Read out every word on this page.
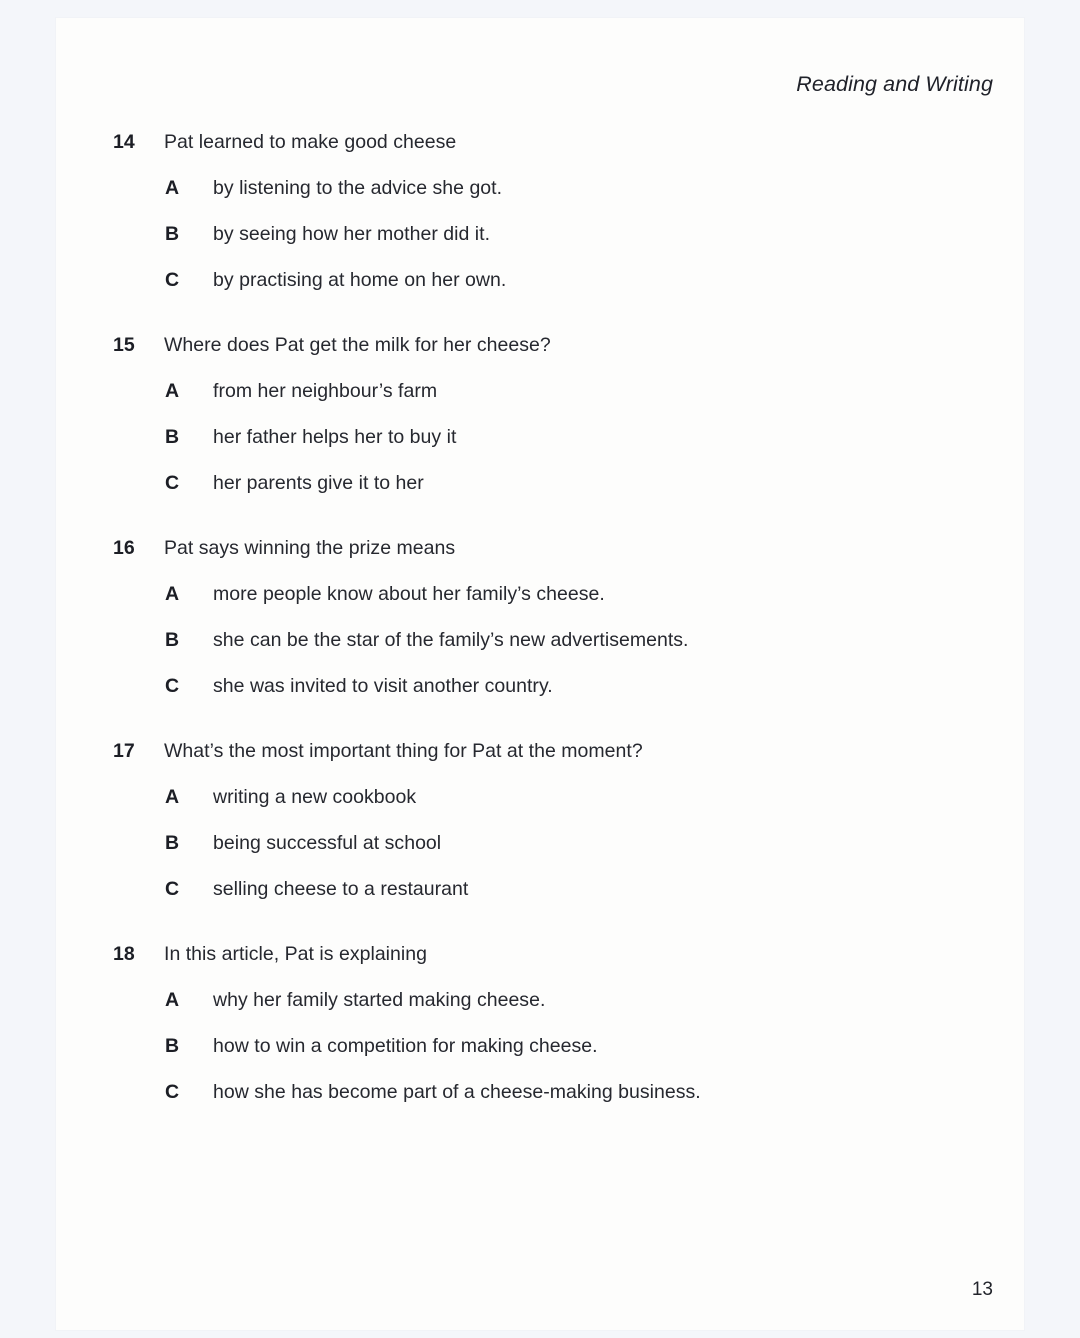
Reading and Writing
14	Pat learned to make good cheese
A by listening to the advice she got.
B by seeing how her mother did it.
C by practising at home on her own.
15	Where does Pat get the milk for her cheese?
A from her neighbour’s farm
B her father helps her to buy it
C her parents give it to her
16	Pat says winning the prize means
A more people know about her family’s cheese.
B she can be the star of the family’s new advertisements.
C she was invited to visit another country.
17	What’s the most important thing for Pat at the moment?
A writing a new cookbook
B being successful at school
C selling cheese to a restaurant
18	In this article, Pat is explaining
A why her family started making cheese.
B how to win a competition for making cheese.
C how she has become part of a cheese-making business.
13
